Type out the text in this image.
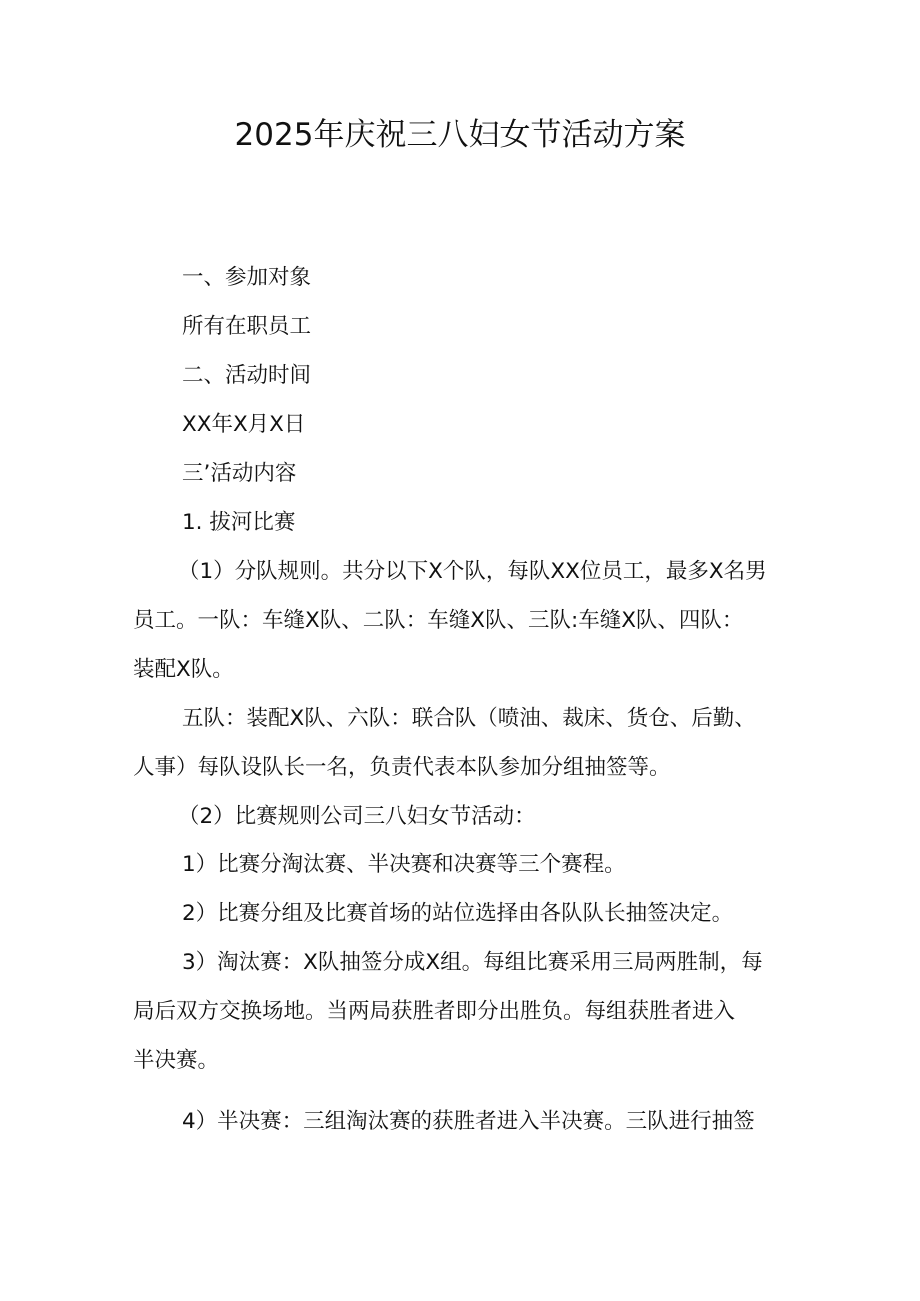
2025年庆祝三八妇女节活动方案
一、参加对象
所有在职员工
二、活动时间
XX年X月X日
三’活动内容
1. 拔河比赛
（1）分队规则。共分以下X个队，每队XX位员工，最多X名男
员工。一队：车缝X队、二队：车缝X队、三队:车缝X队、四队：
装配X队。
五队：装配X队、六队：联合队（喷油、裁床、货仓、后勤、
人事）每队设队长一名，负责代表本队参加分组抽签等。
（2）比赛规则公司三八妇女节活动：
1）比赛分淘汰赛、半决赛和决赛等三个赛程。
2）比赛分组及比赛首场的站位选择由各队队长抽签决定。
3）淘汰赛：X队抽签分成X组。每组比赛采用三局两胜制，每
局后双方交换场地。当两局获胜者即分出胜负。每组获胜者进入
半决赛。
4）半决赛：三组淘汰赛的获胜者进入半决赛。三队进行抽签
